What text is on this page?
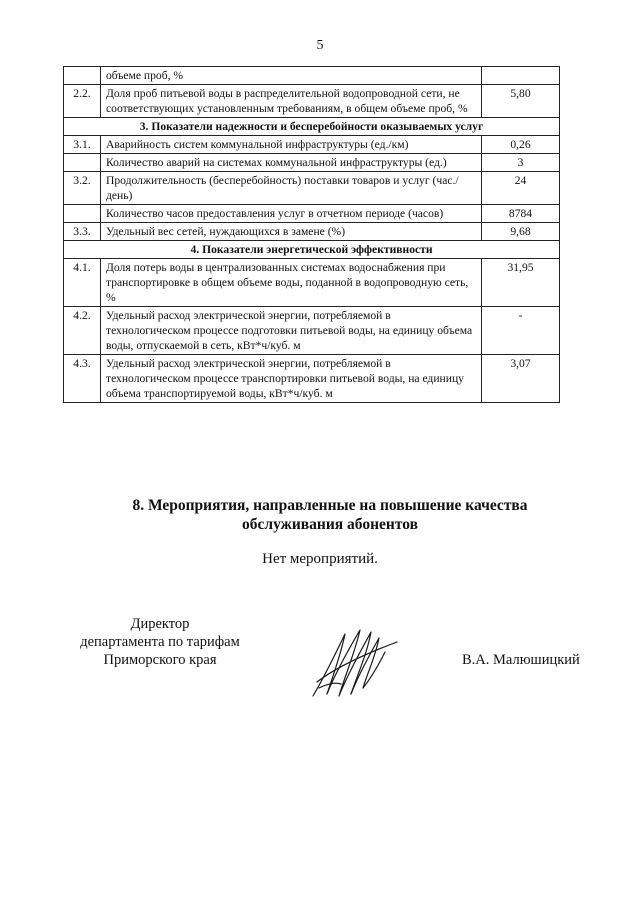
5
	объеме проб, %	
2.2.	Доля проб питьевой воды в распределительной водопроводной сети, не соответствующих установленным требованиям, в общем объеме проб, %	5,80
3. Показатели надежности и бесперебойности оказываемых услуг		
3.1.	Аварийность систем коммунальной инфраструктуры (ед./км)	0,26
	Количество аварий на системах коммунальной инфраструктуры (ед.)	3
3.2.	Продолжительность (бесперебойность) поставки товаров и услуг (час./день)	24
	Количество часов предоставления услуг в отчетном периоде (часов)	8784
3.3.	Удельный вес сетей, нуждающихся в замене (%)	9,68
4. Показатели энергетической эффективности		
4.1.	Доля потерь воды в централизованных системах водоснабжения при транспортировке в общем объеме воды, поданной в водопроводную сеть, %	31,95
4.2.	Удельный расход электрической энергии, потребляемой в технологическом процессе подготовки питьевой воды, на единицу объема воды, отпускаемой в сеть, кВт*ч/куб. м	-
4.3.	Удельный расход электрической энергии, потребляемой в технологическом процессе транспортировки питьевой воды, на единицу объема транспортируемой воды, кВт*ч/куб. м	3,07
8. Мероприятия, направленные на повышение качества
обслуживания абонентов
Нет мероприятий.
Директор
департамента по тарифам
Приморского края	В.А. Малюшицкий
